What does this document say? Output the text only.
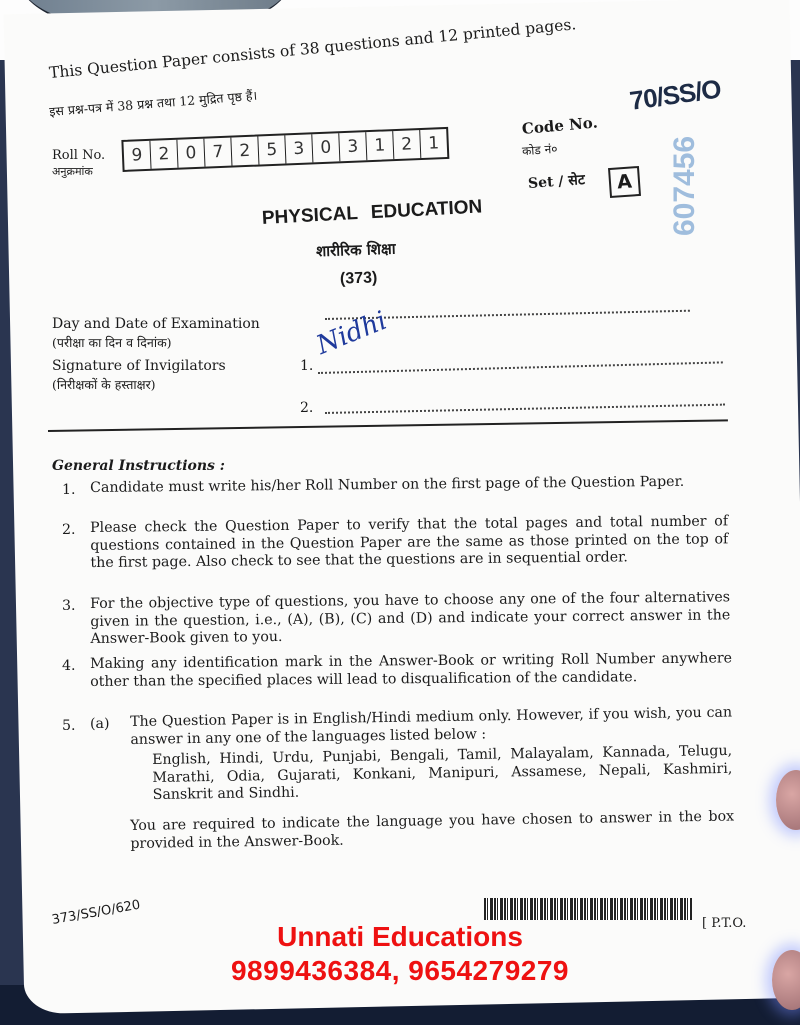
This Question Paper consists of 38 questions and 12 printed pages.
इस प्रश्न-पत्र में 38 प्रश्न तथा 12 मुद्रित पृष्ठ हैं।
Roll No.
अनुक्रमांक
9 2 0 7 2 5 3 0 3 1 2 1
70/SS/O
Code No.
कोड नं०
Set / सेट	A 607456
PHYSICAL EDUCATION
शारीरिक शिक्षा
(373)
Day and Date of Examination
(परीक्षा का दिन व दिनांक)
Signature of Invigilators
(निरीक्षकों के हस्ताक्षर)
1.
Nidhi
2.
General Instructions :
1. Candidate must write his/her Roll Number on the first page of the Question Paper.
2. Please check the Question Paper to verify that the total pages and total number of questions contained in the Question Paper are the same as those printed on the top of the first page. Also check to see that the questions are in sequential order.
3. For the objective type of questions, you have to choose any one of the four alternatives given in the question, i.e., (A), (B), (C) and (D) and indicate your correct answer in the Answer-Book given to you.
4. Making any identification mark in the Answer-Book or writing Roll Number anywhere other than the specified places will lead to disqualification of the candidate.
5. (a) The Question Paper is in English/Hindi medium only. However, if you wish, you can answer in any one of the languages listed below :
English, Hindi, Urdu, Punjabi, Bengali, Tamil, Malayalam, Kannada, Telugu, Marathi, Odia, Gujarati, Konkani, Manipuri, Assamese, Nepali, Kashmiri, Sanskrit and Sindhi.
You are required to indicate the language you have chosen to answer in the box provided in the Answer-Book.
373/SS/O/620	[ P.T.O.
Unnati Educations
9899436384, 9654279279
